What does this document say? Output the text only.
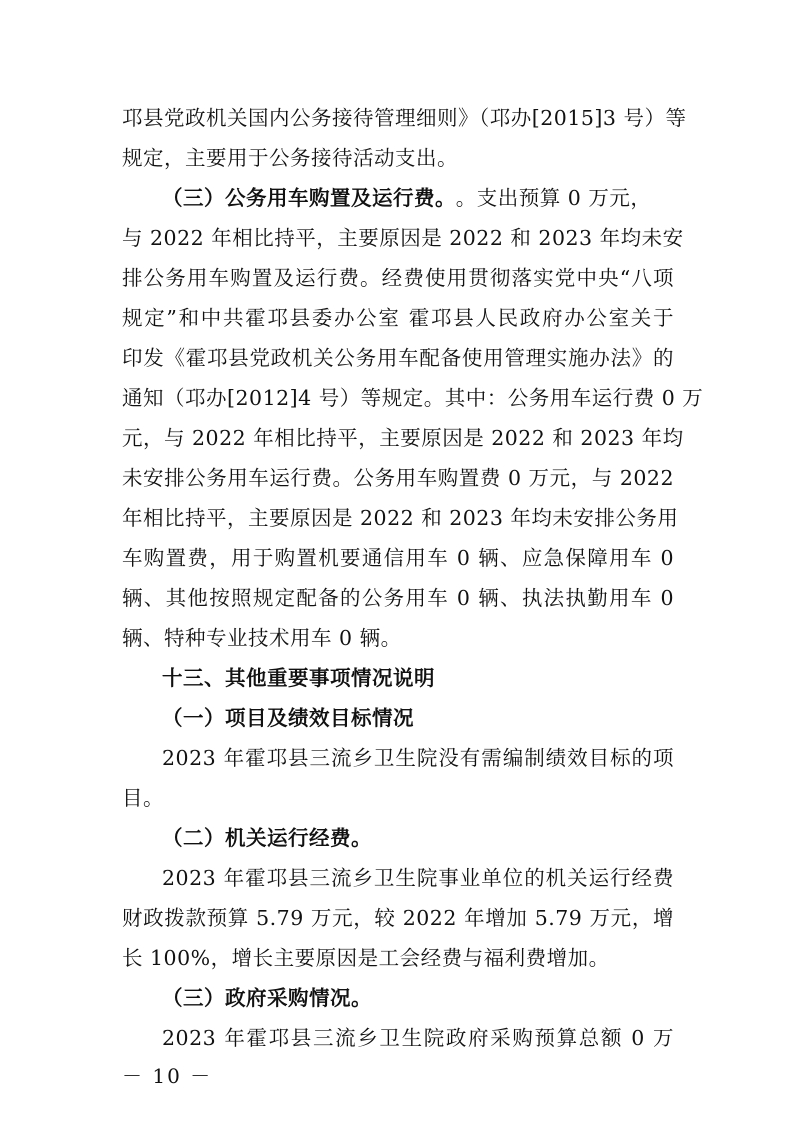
邛县党政机关国内公务接待管理细则》（邛办[2015]3 号）等
规定，主要用于公务接待活动支出。
（三）公务用车购置及运行费。 。支出预算 0 万元，
与 2022 年相比持平，主要原因是 2022 和 2023 年均未安
排公务用车购置及运行费。经费使用贯彻落实党中央“八项
规定”和中共霍邛县委办公室 霍邛县人民政府办公室关于
印发《霍邛县党政机关公务用车配备使用管理实施办法》的
通知（邛办[2012]4 号）等规定。其中：公务用车运行费 0 万
元，与 2022 年相比持平，主要原因是 2022 和 2023 年均
未安排公务用车运行费。公务用车购置费 0 万元，与 2022
年相比持平，主要原因是 2022 和 2023 年均未安排公务用
车购置费，用于购置机要通信用车 0 辆、应急保障用车 0
辆、其他按照规定配备的公务用车 0 辆、执法执勤用车 0
辆、特种专业技术用车 0 辆。
十三、其他重要事项情况说明
（一）项目及绩效目标情况
2023 年霍邛县三流乡卫生院没有需编制绩效目标的项
目。
（二）机关运行经费。
2023 年霍邛县三流乡卫生院事业单位的机关运行经费
财政拨款预算 5.79 万元，较 2022 年增加 5.79 万元，增
长 100%，增长主要原因是工会经费与福利费增加。
（三）政府采购情况。
2023 年霍邛县三流乡卫生院政府采购预算总额 0 万
－ 10 －
